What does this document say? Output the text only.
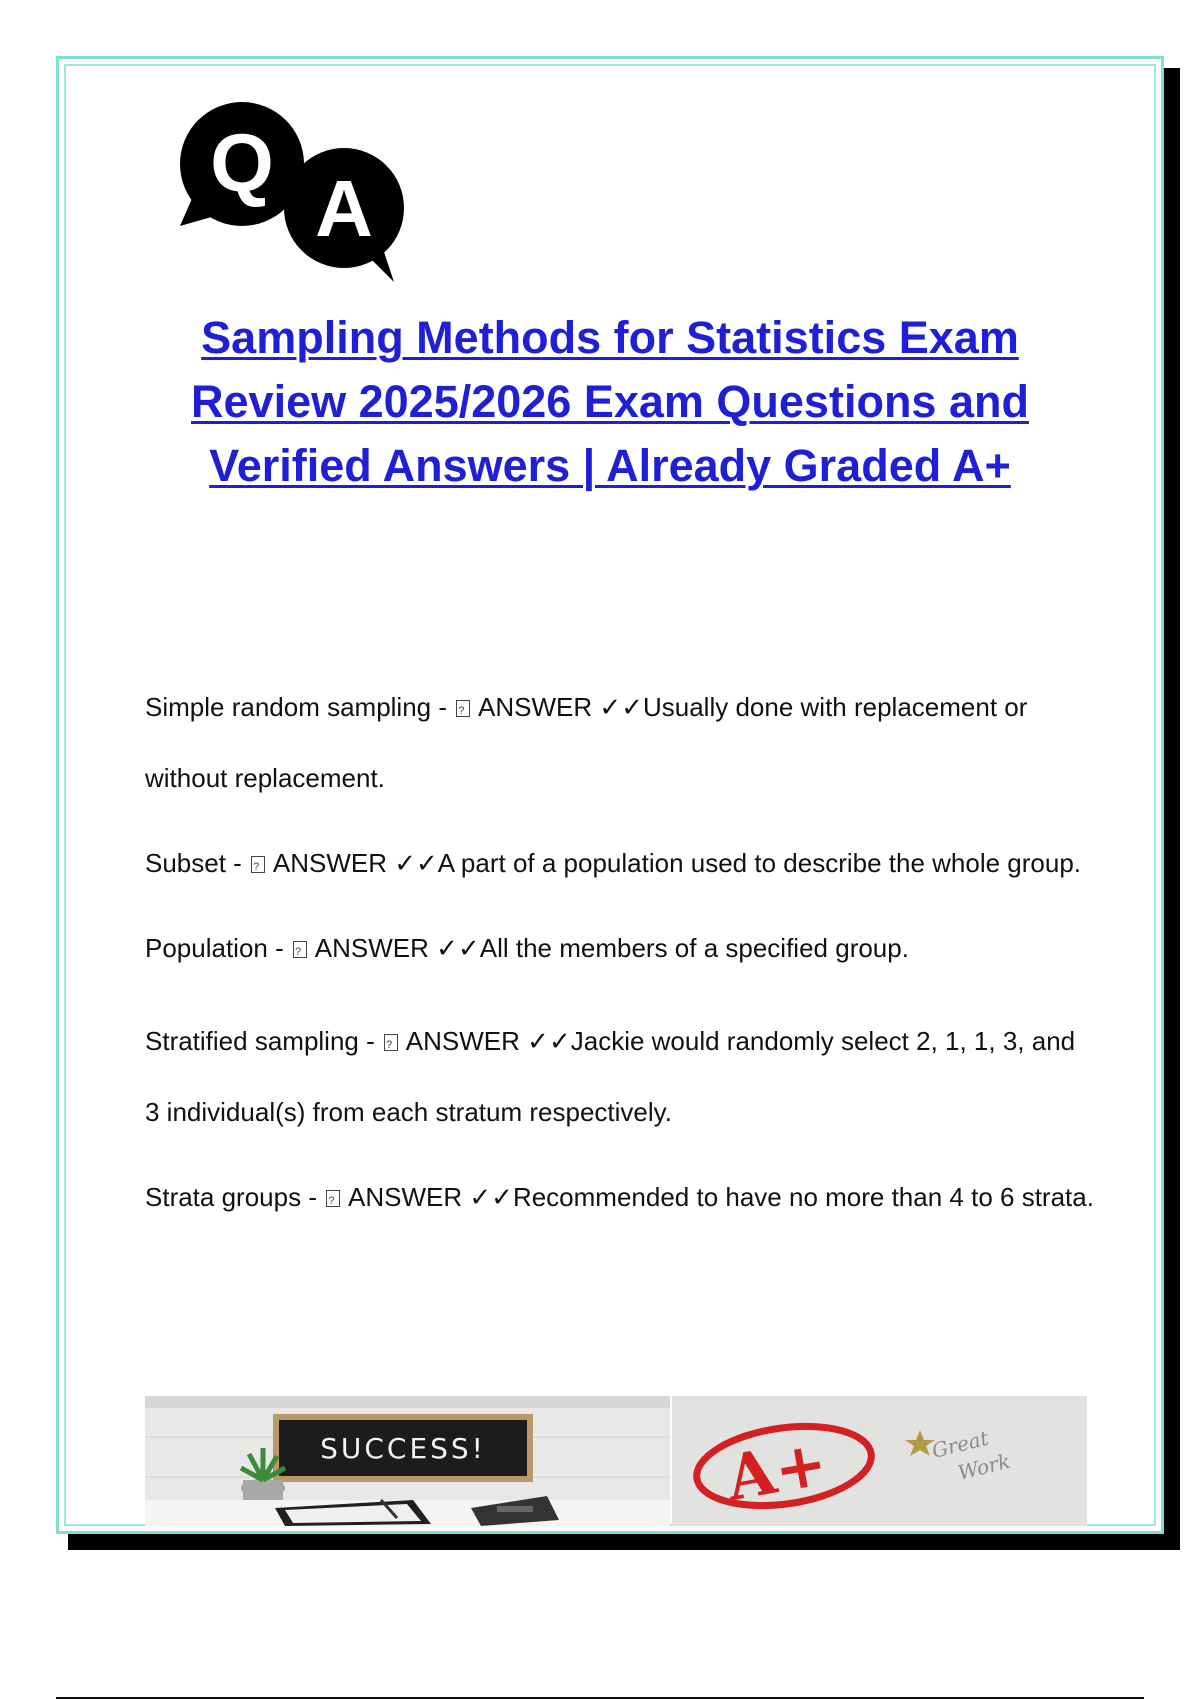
Q A
Sampling Methods for Statistics Exam Review 2025/2026 Exam Questions and Verified Answers | Already Graded A+
Simple random sampling - ? ANSWER ✓✓Usually done with replacement or without replacement.
Subset - ? ANSWER ✓✓A part of a population used to describe the whole group.
Population - ? ANSWER ✓✓All the members of a specified group.
Stratified sampling - ? ANSWER ✓✓Jackie would randomly select 2, 1, 1, 3, and 3 individual(s) from each stratum respectively.
Strata groups - ? ANSWER ✓✓Recommended to have no more than 4 to 6 strata.
SUCCESS!	A+	Great
Work
